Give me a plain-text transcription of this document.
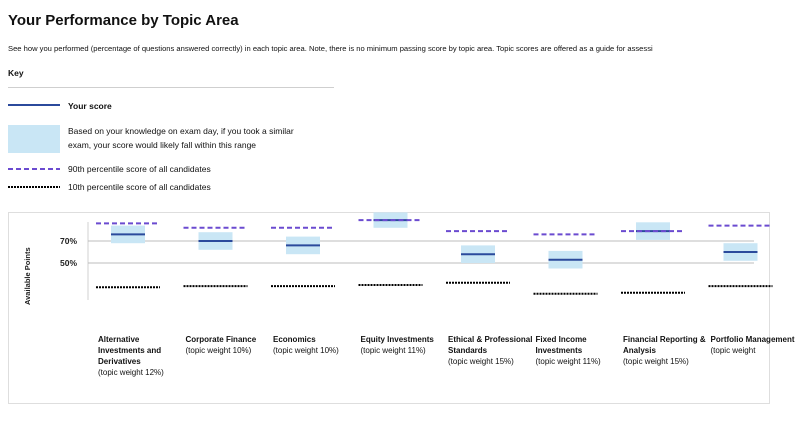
Your Performance by Topic Area
See how you performed (percentage of questions answered correctly) in each topic area. Note, there is no minimum passing score by topic area. Topic scores are offered as a guide for assessi
Key
Your score
Based on your knowledge on exam day, if you took a similar
exam, your score would likely fall within this range
90th percentile score of all candidates
10th percentile score of all candidates
70%
50%
Available Points
Alternative Investments and Derivatives
(topic weight 12%)
Corporate Finance
(topic weight 10%)
Economics
(topic weight 10%)
Equity Investments
(topic weight 11%)
Ethical & Professional Standards
(topic weight 15%)
Fixed Income Investments
(topic weight 11%)
Financial Reporting & Analysis
(topic weight 15%)
Portfolio Management
(topic weight
